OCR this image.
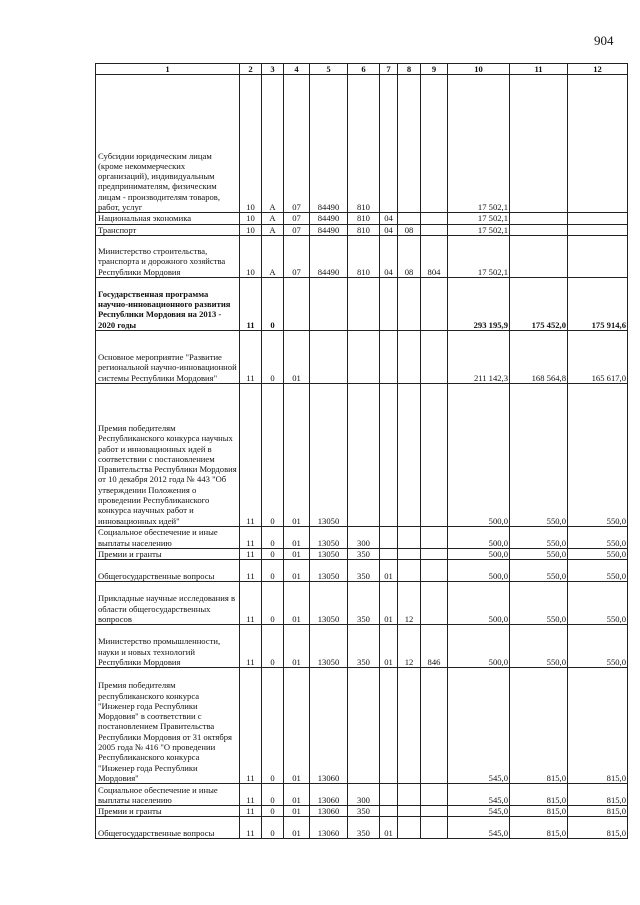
904
1	2	3	4	5	6	7	8	9	10	11	12
Субсидии юридическим лицам (кроме некоммерческих организаций), индивидуальным предпринимателям, физическим лицам - производителям товаров, работ, услуг	10	А	07	84490	810				17 502,1		
Национальная экономика	10	А	07	84490	810	04			17 502,1		
Транспорт	10	А	07	84490	810	04	08		17 502,1		
Министерство строительства, транспорта и дорожного хозяйства Республики Мордовия	10	А	07	84490	810	04	08	804	17 502,1		
Государственная программа научно-инновационного развития Республики Мордовия на 2013 - 2020 годы	11	0							293 195,9	175 452,0	175 914,6
Основное мероприятие "Развитие региональной научно-инновационной системы Республики Мордовия"	11	0	01						211 142,3	168 564,8	165 617,0
Премия победителям Республиканского конкурса научных работ и инновационных идей в соответствии с постановлением Правительства Республики Мордовия от 10 декабря 2012 года № 443 "Об утверждении Положения о проведении Республиканского конкурса научных работ и инновационных идей"	11	0	01	13050					500,0	550,0	550,0
Социальное обеспечение и иные выплаты населению	11	0	01	13050	300				500,0	550,0	550,0
Премии и гранты	11	0	01	13050	350				500,0	550,0	550,0
Общегосударственные вопросы	11	0	01	13050	350	01			500,0	550,0	550,0
Прикладные научные исследования в области общегосударственных вопросов	11	0	01	13050	350	01	12		500,0	550,0	550,0
Министерство промышленности, науки и новых технологий Республики Мордовия	11	0	01	13050	350	01	12	846	500,0	550,0	550,0
Премия победителям республиканского конкурса "Инженер года Республики Мордовия" в соответствии с постановлением Правительства Республики Мордовия от 31 октября 2005 года № 416 "О проведении Республиканского конкурса "Инженер года Республики Мордовия"	11	0	01	13060					545,0	815,0	815,0
Социальное обеспечение и иные выплаты населению	11	0	01	13060	300				545,0	815,0	815,0
Премии и гранты	11	0	01	13060	350				545,0	815,0	815,0
Общегосударственные вопросы	11	0	01	13060	350	01			545,0	815,0	815,0
